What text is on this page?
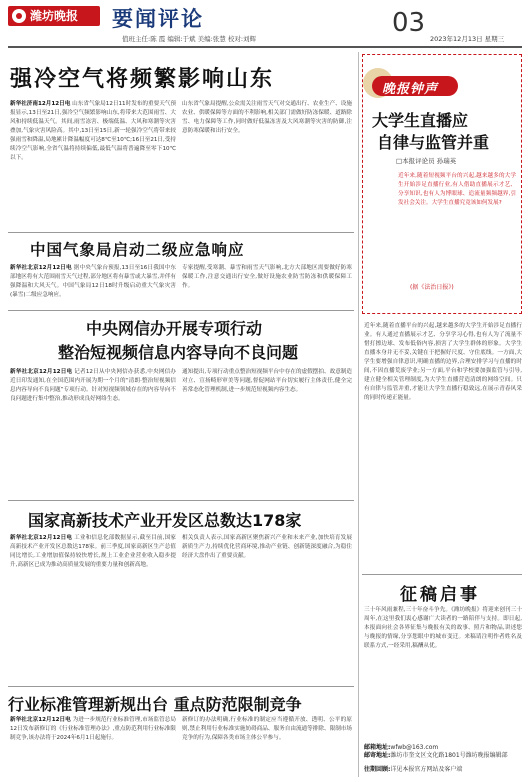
潍坊晚报	要闻评论
值班主任:陈 霞 编辑:于斌 美编:张慧 校对:刘辉
03
2023年12月13日 星期三
强冷空气将频繁影响山东
新华社济南12月12日电 山东省气象局12日11时发布的重要天气预报显示,13日至21日,强冷空气频繁影响山东,将带来大范围雨雪、大风和持续低温天气。其间,雨雪冻害、极端低温、大风和寒潮等灾害叠加,气象灾害风险高。其中,13日至15日,新一轮强冷空气将带来较强雨雪和降温,局地累计降温幅度可达8℃至10℃;16日至21日,受持续冷空气影响,全省气温将持续偏低,最低气温将普遍降至零下10℃以下。
山东省气象局提醒,公众需关注雨雪天气对交通出行、农业生产、设施农业、供暖保障等方面的不利影响,相关部门需做好防冻保暖、道路除雪、电力保障等工作,同时做好低温冻害及大风寒潮等灾害的防御,注意防寒保暖和出行安全。
中国气象局启动二级应急响应
新华社北京12月12日电 据中央气象台预报,13日至16日我国中东部地区将有大范围雨雪天气过程,部分地区将有暴雪或大暴雪,并伴有强降温和大风天气。中国气象局12日18时升级启动重大气象灾害(暴雪)二级应急响应。
专家提醒,受寒潮、暴雪和雨雪天气影响,北方大部地区需要做好防寒保暖工作,注意交通出行安全,做好设施农业防雪防冻和供暖保障工作。
中央网信办开展专项行动
整治短视频信息内容导向不良问题
新华社北京12月12日电 记者12日从中央网信办获悉,中央网信办近日印发通知,在全国范围内开展为期一个月的“清朗·整治短视频信息内容导向不良问题”专项行动。针对短视频领域存在的内容导向不良问题进行集中整治,推动形成良好网络生态。
通知提出,专项行动重点整治短视频平台中存在的虚假摆拍、故意制造对立、宣扬畸形审美等问题,督促网站平台切实履行主体责任,健全完善常态化管理机制,进一步规范短视频内容生态。
国家高新技术产业开发区总数达178家
新华社北京12月12日电 工业和信息化部数据显示,截至目前,国家高新技术产业开发区总数达178家。前三季度,国家高新区生产总值同比增长,工业增加值保持较快增长,规上工业企业营业收入稳步提升,高新区已成为推动高质量发展的重要力量和创新高地。
相关负责人表示,国家高新区聚焦新兴产业和未来产业,加快培育发展新质生产力,持续优化营商环境,推动产业链、创新链深度融合,为稳住经济大盘作出了重要贡献。
行业标准管理新规出台 重点防范限制竞争
新华社北京12月12日电 为进一步规范行业标准管理,市场监管总局12日发布新修订的《行业标准管理办法》,重点防范利用行业标准限制竞争,该办法将于2024年6月1日起施行。
新修订的办法明确,行业标准的制定应当遵循开放、透明、公平的原则,禁止利用行业标准实施妨碍商品、服务自由流通等排除、限制市场竞争的行为,保障各类市场主体公平参与。
晚报钟声
大学生直播应
自律与监管并重
□本报评论员 孙瑞英
近年来,随着短视频平台的兴起,越来越多的大学生开始涉足直播行业,有人借助直播展示才艺、分享知识,也有人为博眼球、追流量频频越界,引发社会关注。大学生直播究竟该如何发展?
(据《法治日报》)
近年来,随着直播平台的兴起,越来越多的大学生开始涉足直播行业。有人通过直播展示才艺、分享学习心得,也有人为了流量不惜打擦边球、发布低俗内容,损害了大学生群体的形象。大学生直播本身并无不妥,关键在于把握好尺度、守住底线。一方面,大学生要增强自律意识,明确直播的边界,合理安排学习与直播的时间,不因直播荒废学业;另一方面,平台和学校要加强监管与引导,建立健全相关管理制度,为大学生直播营造清朗的网络空间。只有自律与监管并重,才能让大学生直播行稳致远,在展示青春风采的同时传递正能量。
征稿启事
三十年风雨兼程,三十年奋斗争先。《潍坊晚报》将迎来创刊三十周年,在这里我们衷心感谢广大读者的一路陪伴与支持。即日起,本报面向社会各界征集与晚报有关的故事、照片和物品,讲述您与晚报的情缘,分享您眼中的城市变迁。来稿请注明作者姓名及联系方式,一经采用,稿酬从优。
邮箱地址:wfwb@163.com
邮寄地址:潍坊市奎文区文化路1801号潍坊晚报编辑部
往期回顾:详见本报官方网站及客户端
